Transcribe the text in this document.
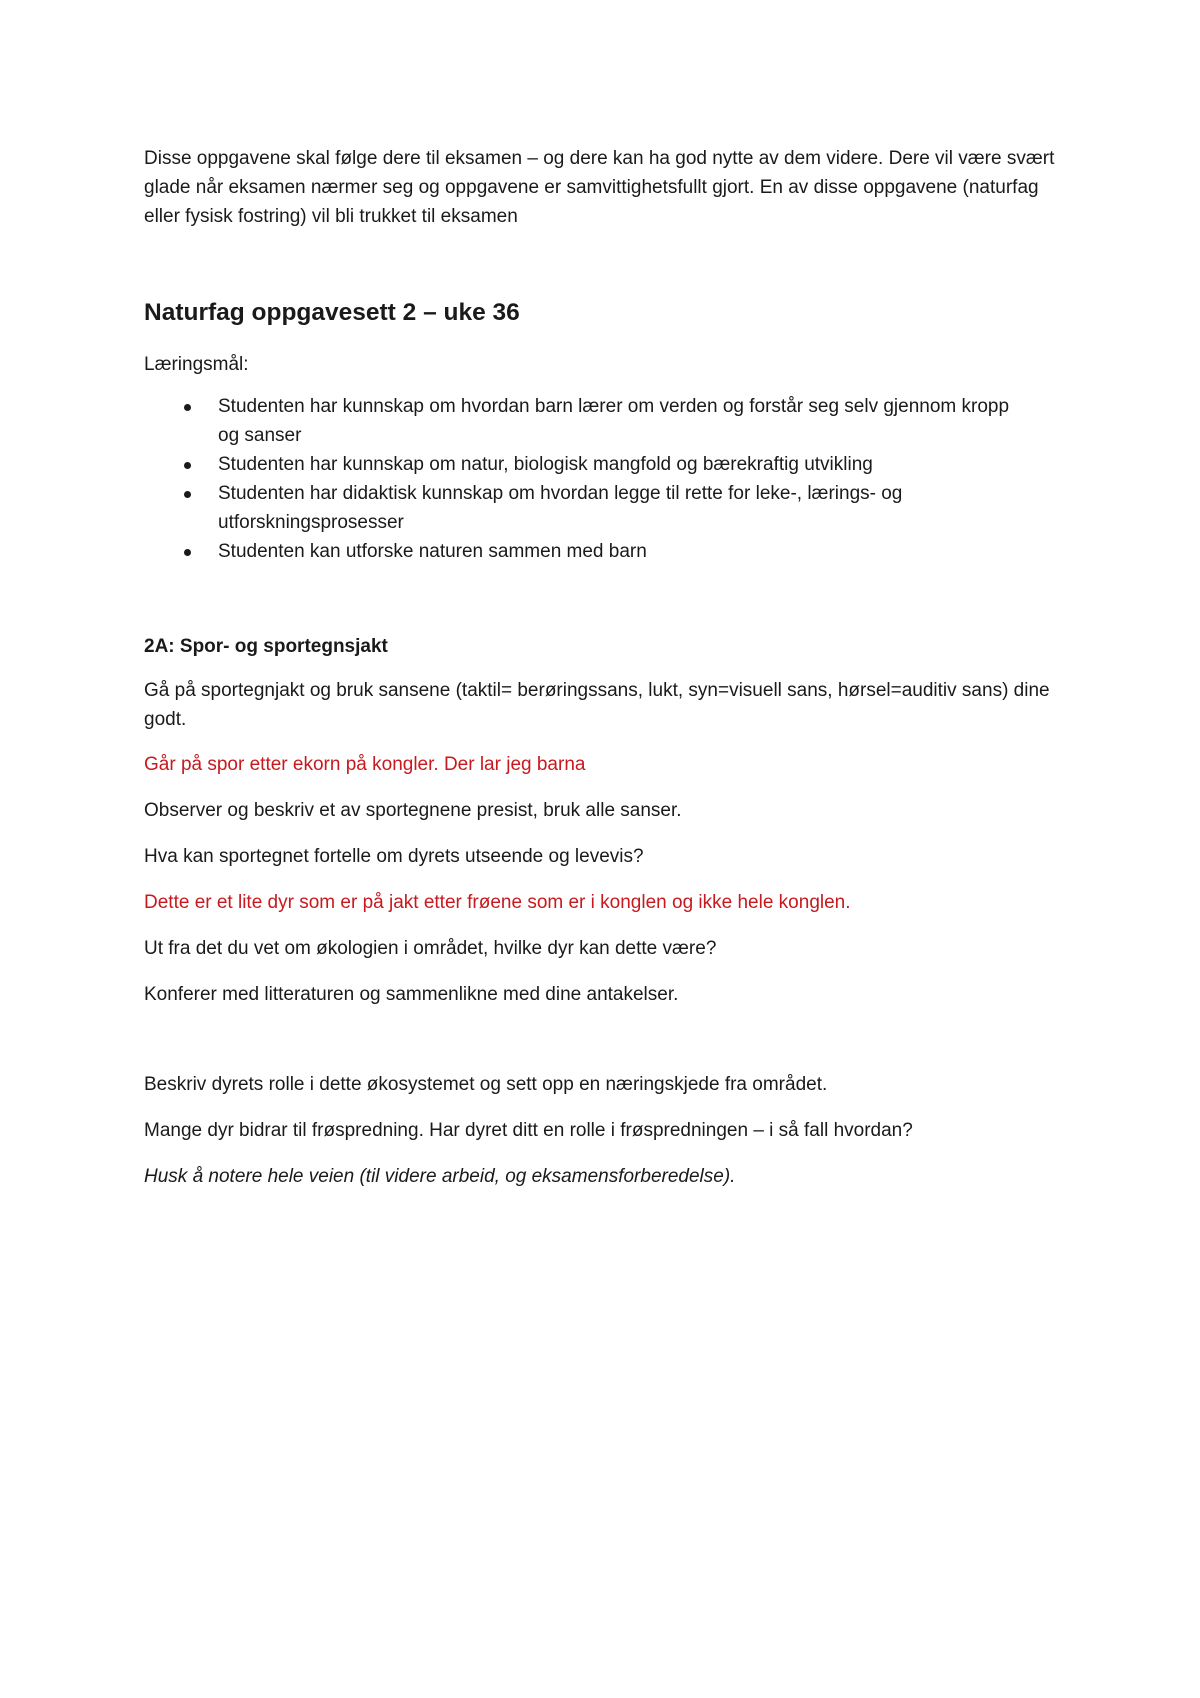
Disse oppgavene skal følge dere til eksamen – og dere kan ha god nytte av dem videre. Dere vil være svært glade når eksamen nærmer seg og oppgavene er samvittighetsfullt gjort. En av disse oppgavene (naturfag eller fysisk fostring) vil bli trukket til eksamen

Naturfag oppgavesett 2 – uke 36

Læringsmål:

Studenten har kunnskap om hvordan barn lærer om verden og forstår seg selv gjennom kropp og sanser
Studenten har kunnskap om natur, biologisk mangfold og bærekraftig utvikling
Studenten har didaktisk kunnskap om hvordan legge til rette for leke-, lærings- og utforskningsprosesser
Studenten kan utforske naturen sammen med barn

2A: Spor- og sportegnsjakt

Gå på sportegnjakt og bruk sansene (taktil= berøringssans, lukt, syn=visuell sans, hørsel=auditiv sans) dine godt.

Går på spor etter ekorn på kongler. Der lar jeg barna

Observer og beskriv et av sportegnene presist, bruk alle sanser.

Hva kan sportegnet fortelle om dyrets utseende og levevis?

Dette er et lite dyr som er på jakt etter frøene som er i konglen og ikke hele konglen.

Ut fra det du vet om økologien i området, hvilke dyr kan dette være?

Konferer med litteraturen og sammenlikne med dine antakelser.

Beskriv dyrets rolle i dette økosystemet og sett opp en næringskjede fra området.

Mange dyr bidrar til frøspredning. Har dyret ditt en rolle i frøspredningen – i så fall hvordan?

Husk å notere hele veien (til videre arbeid, og eksamensforberedelse).
